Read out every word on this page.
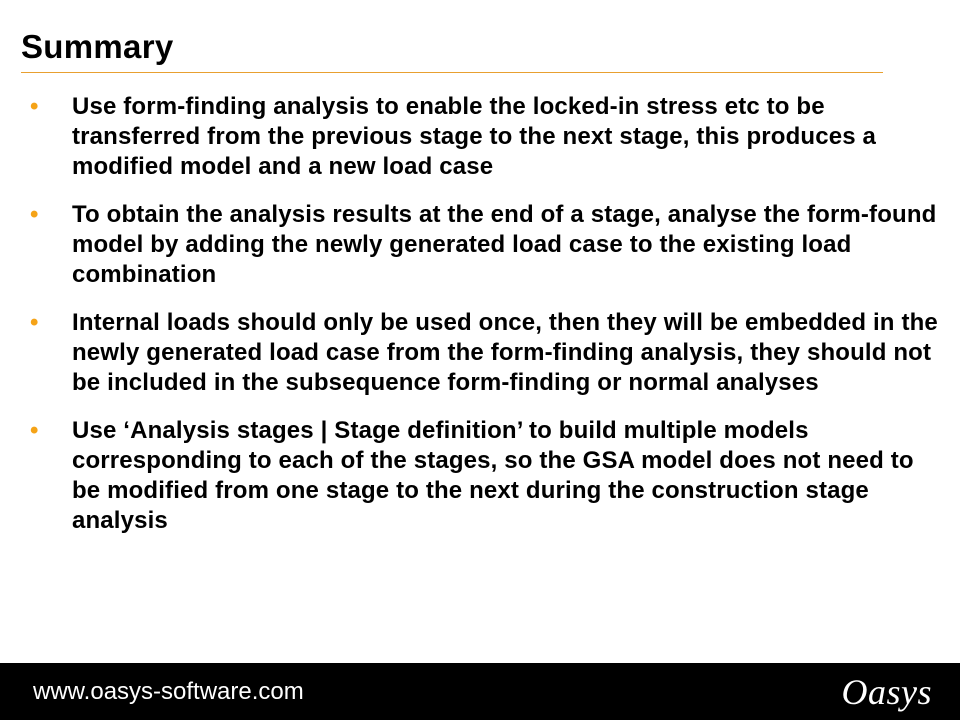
Summary
•	Use form-finding analysis to enable the locked-in stress etc to be transferred from the previous stage to the next stage, this produces a modified model and a new load case
•	To obtain the analysis results at the end of a stage, analyse the form-found model by adding the newly generated load case to the existing load combination
•	Internal loads should only be used once, then they will be embedded in the newly generated load case from the form-finding analysis, they should not be included in the subsequence form-finding or normal analyses
•	Use ‘Analysis stages | Stage definition’ to build multiple models corresponding to each of the stages, so the GSA model does not need to be modified from one stage to the next during the construction stage analysis
www.oasys-software.com	Oasys
